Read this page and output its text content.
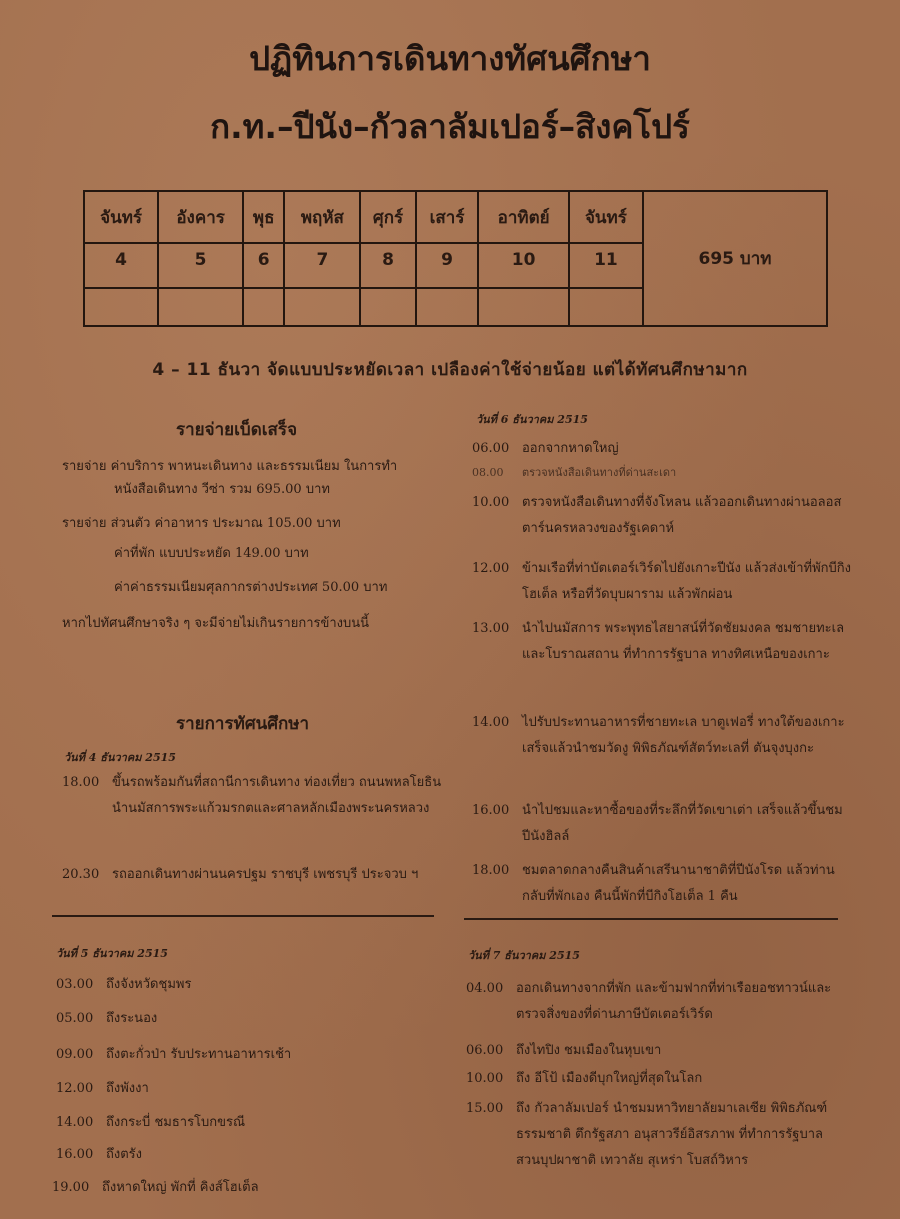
ปฏิทินการเดินทางทัศนศึกษา
ก.ท.–ปีนัง–กัวลาลัมเปอร์–สิงคโปร์
จันทร์	อังคาร	พุธ	พฤหัส	ศุกร์	เสาร์	อาทิตย์	จันทร์	695 บาท
4	5	6	7	8	9	10	11	

4 – 11 ธันวา จัดแบบประหยัดเวลา เปลืองค่าใช้จ่ายน้อย แต่ได้ทัศนศึกษามาก
รายจ่ายเบ็ดเสร็จ
รายจ่าย ค่าบริการ พาหนะเดินทาง และธรรมเนียม ในการทำ
หนังสือเดินทาง วีซ่า รวม 695.00 บาท
รายจ่าย ส่วนตัว ค่าอาหาร ประมาณ 105.00 บาท
ค่าที่พัก แบบประหยัด 149.00 บาท
ค่าค่าธรรมเนียมศุลกากรต่างประเทศ 50.00 บาท
หากไปทัศนศึกษาจริง ๆ จะมีจ่ายไม่เกินรายการข้างบนนี้
รายการทัศนศึกษา
วันที่ 4 ธันวาคม 2515
18.00 ขึ้นรถพร้อมกันที่สถานีการเดินทาง ท่องเที่ยว ถนนพหลโยธินนำนมัสการพระแก้วมรกตและศาลหลักเมืองพระนครหลวง
20.30 รถออกเดินทางผ่านนครปฐม ราชบุรี เพชรบุรี ประจวบ ฯ
วันที่ 5 ธันวาคม 2515
03.00 ถึงจังหวัดชุมพร
05.00 ถึงระนอง
09.00 ถึงตะกั่วป่า รับประทานอาหารเช้า
12.00 ถึงพังงา
14.00 ถึงกระบี่ ชมธารโบกขรณี
16.00 ถึงตรัง
19.00 ถึงหาดใหญ่ พักที่ คิงส์โฮเต็ล
วันที่ 6 ธันวาคม 2515
06.00 ออกจากหาดใหญ่
08.00 ตรวจหนังสือเดินทางที่ด่านสะเดา
10.00 ตรวจหนังสือเดินทางที่จังโหลน แล้วออกเดินทางผ่านอลอสตาร์นครหลวงของรัฐเคดาห์
12.00 ข้ามเรือที่ท่าบัตเตอร์เวิร์ดไปยังเกาะปีนัง แล้วส่งเข้าที่พักบีกิงโฮเต็ล หรือที่วัดบุบผาราม แล้วพักผ่อน
13.00 นำไปนมัสการ พระพุทธไสยาสน์ที่วัดชัยมงคล ชมชายทะเล และโบราณสถาน ที่ทำการรัฐบาล ทางทิศเหนือของเกาะ
14.00 ไปรับประทานอาหารที่ชายทะเล บาตูเฟอรี่ ทางใต้ของเกาะ เสร็จแล้วนำชมวัดงู พิพิธภัณฑ์สัตว์ทะเลที่ ตันจุงบุงกะ
16.00 นำไปชมและหาซื้อของที่ระลึกที่วัดเขาเต่า เสร็จแล้วขึ้นชมปีนังฮิลล์
18.00 ชมตลาดกลางคืนสินค้าเสรีนานาชาติที่ปีนังโรด แล้วท่านกลับที่พักเอง คืนนี้พักที่บีกิงโฮเต็ล 1 คืน
วันที่ 7 ธันวาคม 2515
04.00 ออกเดินทางจากที่พัก และข้ามฟากที่ท่าเรือยอชทาวน์และตรวจสิ่งของที่ด่านภาษีบัตเตอร์เวิร์ด
06.00 ถึงไทปิง ชมเมืองในหุบเขา
10.00 ถึง อีโป้ เมืองดีบุกใหญ่ที่สุดในโลก
15.00 ถึง กัวลาลัมเปอร์ นำชมมหาวิทยาลัยมาเลเซีย พิพิธภัณฑ์ธรรมชาติ ตึกรัฐสภา อนุสาวรีย์อิสรภาพ ที่ทำการรัฐบาล สวนบุปผาชาติ เทวาลัย สุเหร่า โบสถ์วิหาร
